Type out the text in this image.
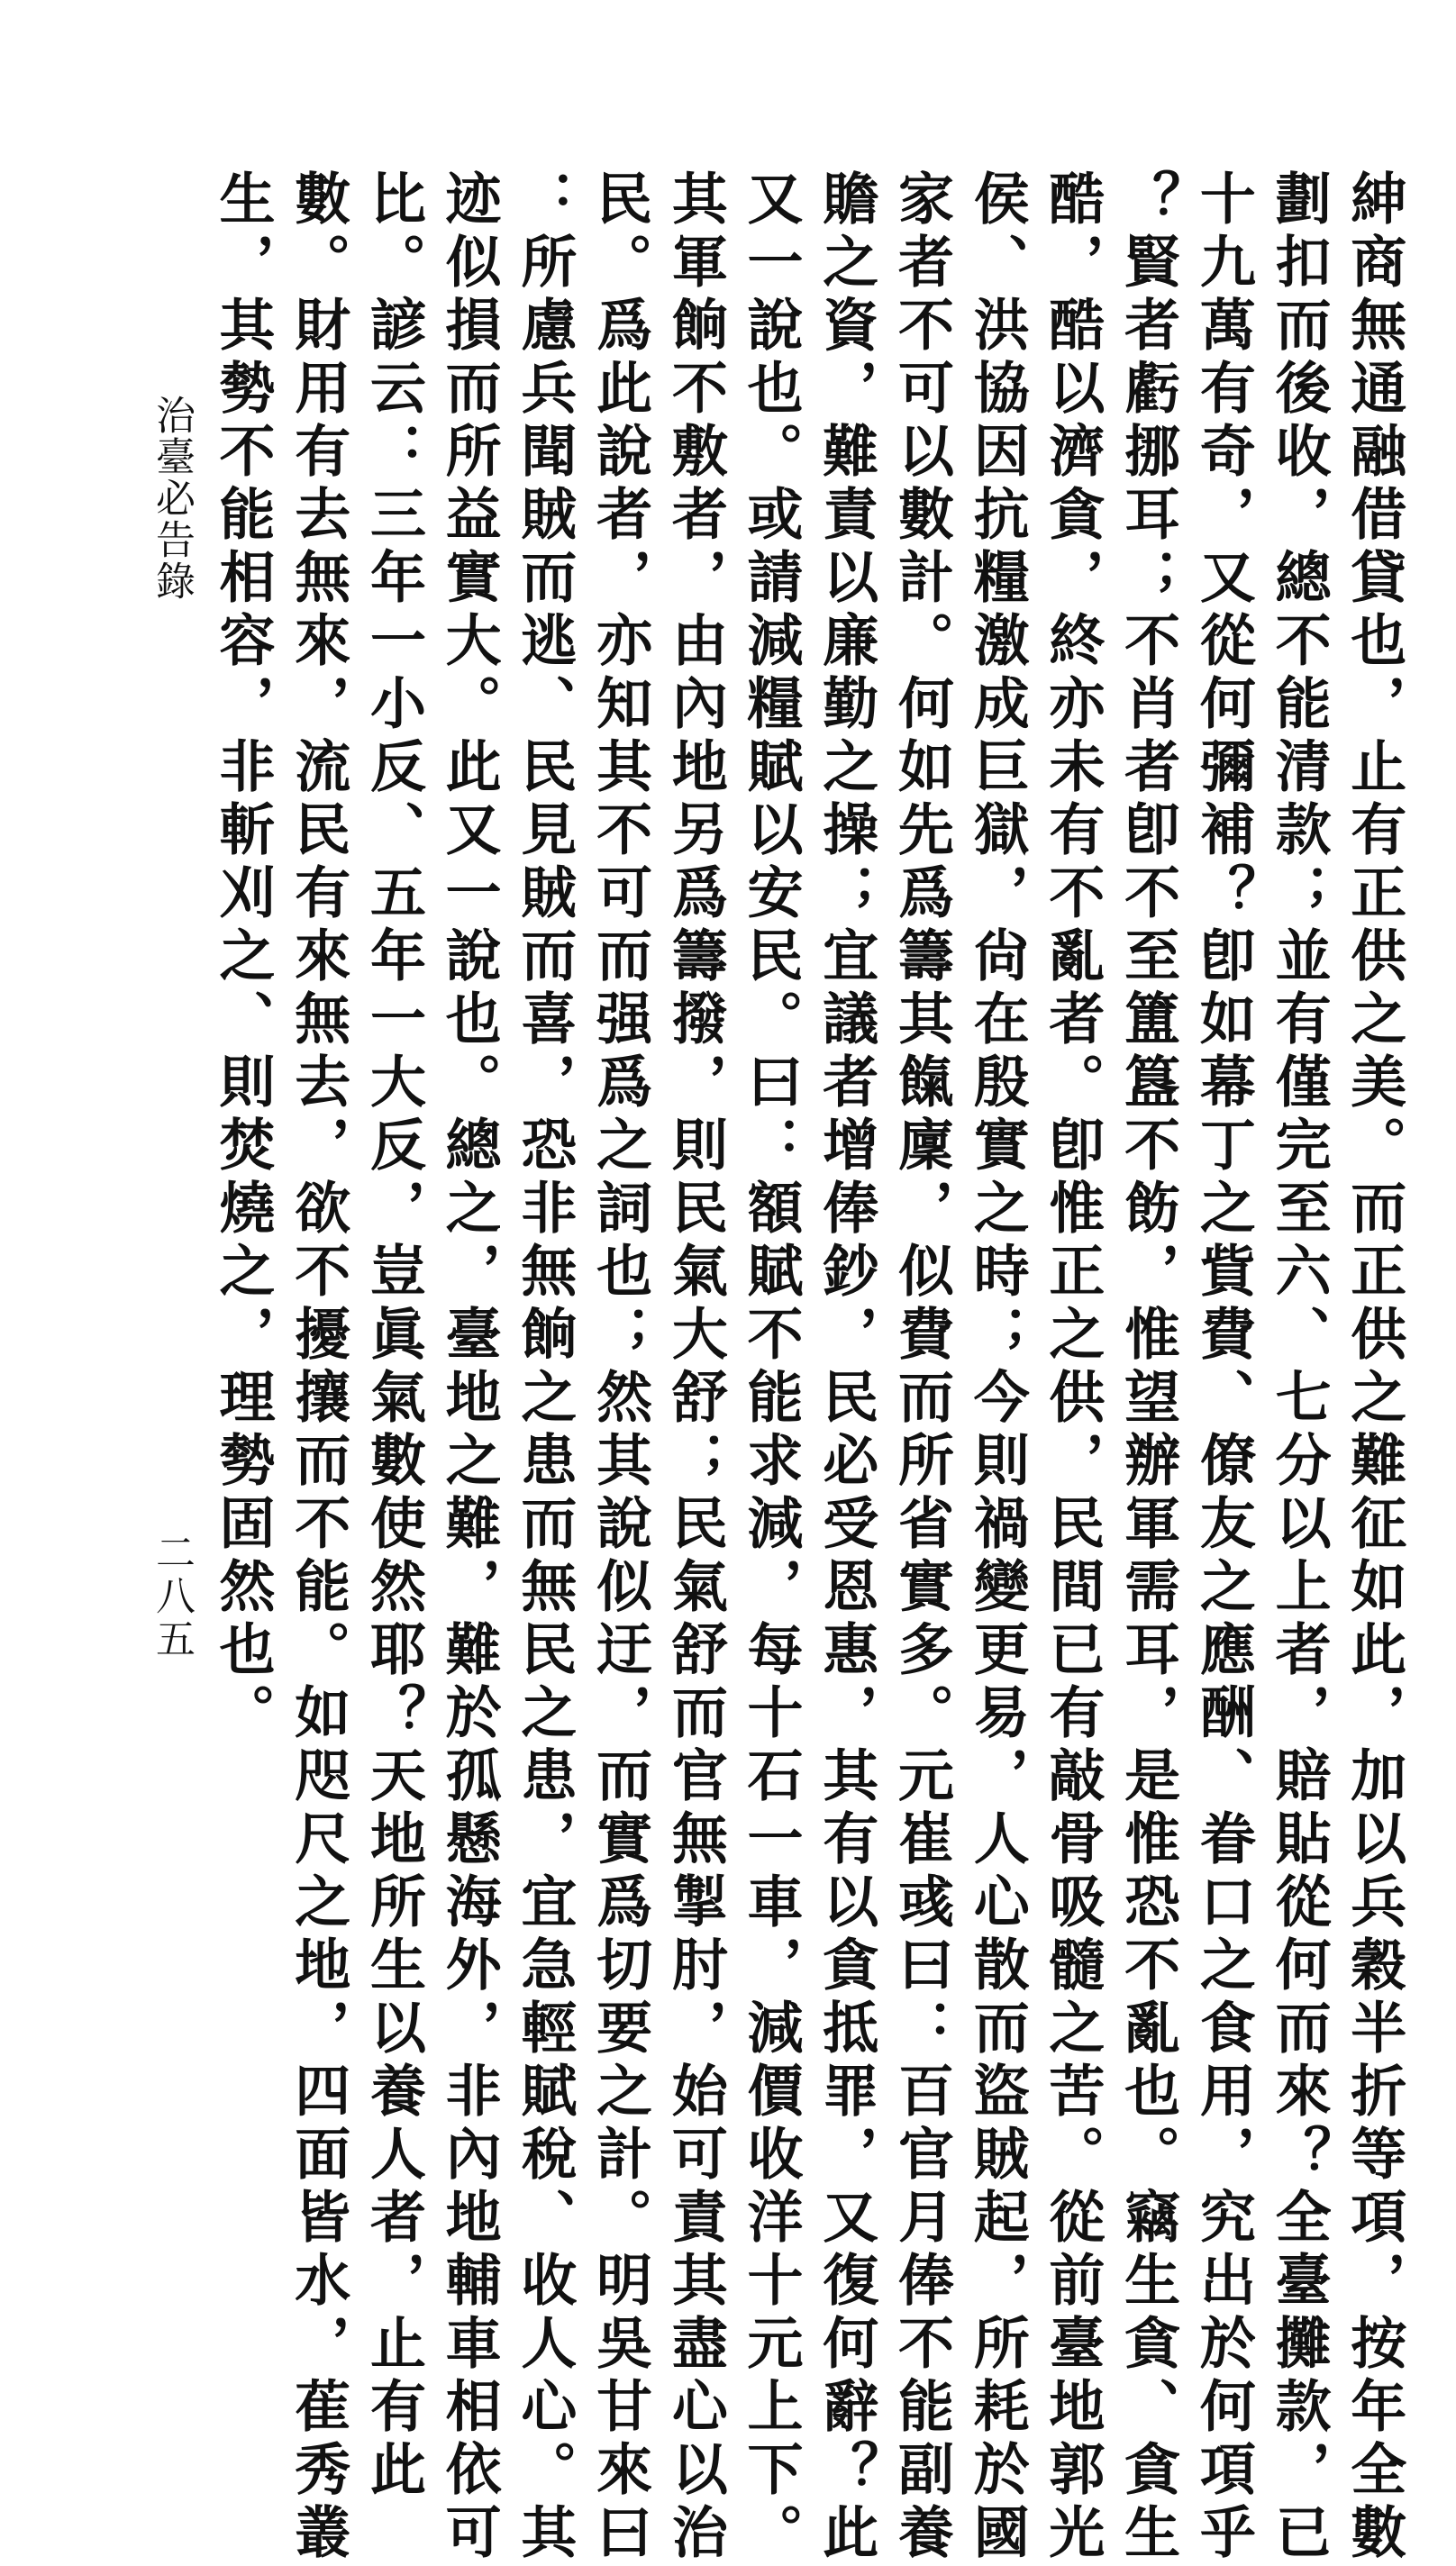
紳商無通融借貸也，止有正供之美。而正供之難征如此，加以兵穀半折等項，按年全數
劃扣而後收，總不能清款；並有僅完至六、七分以上者，賠貼從何而來？全臺攤款，已
十九萬有奇，又從何彌補？卽如幕丁之貲費、僚友之應酬、眷口之食用，究出於何項乎
？賢者虧挪耳；不肖者卽不至簠簋不飭，惟望辦軍需耳，是惟恐不亂也。竊生貪、貪生
酷，酷以濟貪，終亦未有不亂者。卽惟正之供，民間已有敲骨吸髓之苦。從前臺地郭光
侯、洪協因抗糧激成巨獄，尙在殷實之時；今則禍變更易，人心散而盜賊起，所耗於國
家者不可以數計。何如先爲籌其餼廩，似費而所省實多。元崔彧曰：百官月俸不能副養
贍之資，難責以廉勤之操；宜議者增俸鈔，民必受恩惠，其有以貪抵罪，又復何辭？此
又一說也。或請減糧賦以安民。曰：額賦不能求減，每十石一車，減價收洋十元上下。
其軍餉不敷者，由內地另爲籌撥，則民氣大舒；民氣舒而官無掣肘，始可責其盡心以治
民。爲此說者，亦知其不可而强爲之詞也；然其說似迂，而實爲切要之計。明吳甘來曰
：所慮兵聞賊而逃、民見賊而喜，恐非無餉之患而無民之患，宜急輕賦稅、收人心。其
迹似損而所益實大。此又一說也。總之，臺地之難，難於孤懸海外，非內地輔車相依可
比。諺云：三年一小反、五年一大反，豈眞氣數使然耶？天地所生以養人者，止有此
數。財用有去無來，流民有來無去，欲不擾攘而不能。如咫尺之地，四面皆水，萑秀叢
生，其勢不能相容，非斬刈之、則焚燒之，理勢固然也。
治臺必告錄
二八五
